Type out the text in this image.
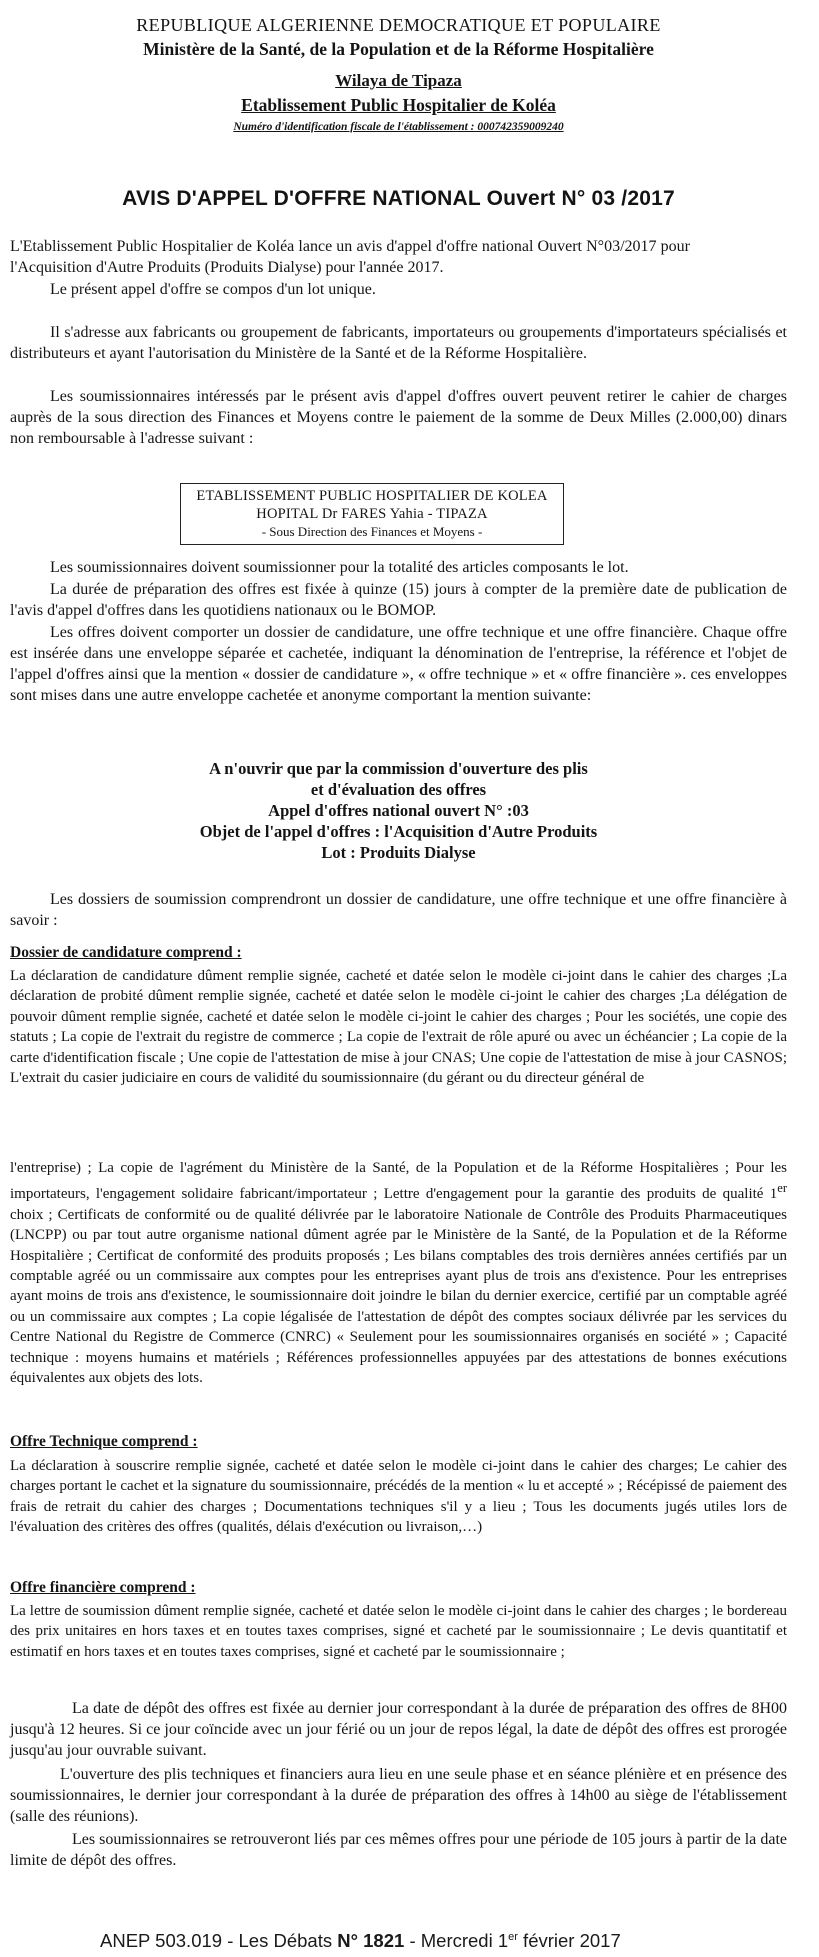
REPUBLIQUE ALGERIENNE DEMOCRATIQUE ET POPULAIRE
Ministère de la Santé, de la Population et de la Réforme Hospitalière
Wilaya de Tipaza
Etablissement Public Hospitalier de Koléa
Numéro d'identification fiscale de l'établissement : 000742359009240
AVIS D'APPEL D'OFFRE NATIONAL Ouvert N° 03 /2017

L'Etablissement Public Hospitalier de Koléa lance un avis d'appel d'offre national Ouvert N°03/2017 pour l'Acquisition d'Autre Produits (Produits Dialyse) pour l'année 2017.

Le présent appel d'offre se compos d'un lot unique.

Il s'adresse aux fabricants ou groupement de fabricants, importateurs ou groupements d'importateurs spécialisés et distributeurs et ayant l'autorisation du Ministère de la Santé et de la Réforme Hospitalière.

Les soumissionnaires intéressés par le présent avis d'appel d'offres ouvert peuvent retirer le cahier de charges auprès de la sous direction des Finances et Moyens contre le paiement de la somme de Deux Milles (2.000,00) dinars non remboursable à l'adresse suivant :

ETABLISSEMENT PUBLIC HOSPITALIER DE KOLEA
HOPITAL Dr FARES Yahia - TIPAZA
- Sous Direction des Finances et Moyens -

Les soumissionnaires doivent soumissionner pour la totalité des articles composants le lot.

La durée de préparation des offres est fixée à quinze (15) jours à compter de la première date de publication de l'avis d'appel d'offres dans les quotidiens nationaux ou le BOMOP.

Les offres doivent comporter un dossier de candidature, une offre technique et une offre financière. Chaque offre est insérée dans une enveloppe séparée et cachetée, indiquant la dénomination de l'entreprise, la référence et l'objet de l'appel d'offres ainsi que la mention « dossier de candidature », « offre technique » et « offre financière ». ces enveloppes sont mises dans une autre enveloppe cachetée et anonyme comportant la mention suivante:

A n'ouvrir que par la commission d'ouverture des plis
et d'évaluation des offres
Appel d'offres national ouvert N° :03
Objet de l'appel d'offres : l'Acquisition d'Autre Produits
Lot : Produits Dialyse

Les dossiers de soumission comprendront un dossier de candidature, une offre technique et une offre financière à savoir :

Dossier de candidature comprend :

La déclaration de candidature dûment remplie signée, cacheté et datée selon le modèle ci-joint dans le cahier des charges ;La déclaration de probité dûment remplie signée, cacheté et datée selon le modèle ci-joint le cahier des charges ;La délégation de pouvoir dûment remplie signée, cacheté et datée selon le modèle ci-joint le cahier des charges ; Pour les sociétés, une copie des statuts ; La copie de l'extrait du registre de commerce ; La copie de l'extrait de rôle apuré ou avec un échéancier ; La copie de la carte d'identification fiscale ; Une copie de l'attestation de mise à jour CNAS; Une copie de l'attestation de mise à jour CASNOS; L'extrait du casier judiciaire en cours de validité du soumissionnaire (du gérant ou du directeur général de

l'entreprise) ; La copie de l'agrément du Ministère de la Santé, de la Population et de la Réforme Hospitalières ; Pour les importateurs, l'engagement solidaire fabricant/importateur ; Lettre d'engagement pour la garantie des produits de qualité 1er choix ; Certificats de conformité ou de qualité délivrée par le laboratoire Nationale de Contrôle des Produits Pharmaceutiques (LNCPP) ou par tout autre organisme national dûment agrée par le Ministère de la Santé, de la Population et de la Réforme Hospitalière ; Certificat de conformité des produits proposés ; Les bilans comptables des trois dernières années certifiés par un comptable agréé ou un commissaire aux comptes pour les entreprises ayant plus de trois ans d'existence. Pour les entreprises ayant moins de trois ans d'existence, le soumissionnaire doit joindre le bilan du dernier exercice, certifié par un comptable agréé ou un commissaire aux comptes ; La copie légalisée de l'attestation de dépôt des comptes sociaux délivrée par les services du Centre National du Registre de Commerce (CNRC) « Seulement pour les soumissionnaires organisés en société » ; Capacité technique : moyens humains et matériels ; Références professionnelles appuyées par des attestations de bonnes exécutions équivalentes aux objets des lots.

Offre Technique comprend :

La déclaration à souscrire remplie signée, cacheté et datée selon le modèle ci-joint dans le cahier des charges; Le cahier des charges portant le cachet et la signature du soumissionnaire, précédés de la mention « lu et accepté » ; Récépissé de paiement des frais de retrait du cahier des charges ; Documentations techniques s'il y a lieu ; Tous les documents jugés utiles lors de l'évaluation des critères des offres (qualités, délais d'exécution ou livraison,…)

Offre financière comprend :

La lettre de soumission dûment remplie signée, cacheté et datée selon le modèle ci-joint dans le cahier des charges ; le bordereau des prix unitaires en hors taxes et en toutes taxes comprises, signé et cacheté par le soumissionnaire ; Le devis quantitatif et estimatif en hors taxes et en toutes taxes comprises, signé et cacheté par le soumissionnaire ;

La date de dépôt des offres est fixée au dernier jour correspondant à la durée de préparation des offres de 8H00 jusqu'à 12 heures. Si ce jour coïncide avec un jour férié ou un jour de repos légal, la date de dépôt des offres est prorogée jusqu'au jour ouvrable suivant.

L'ouverture des plis techniques et financiers aura lieu en une seule phase et en séance plénière et en présence des soumissionnaires, le dernier jour correspondant à la durée de préparation des offres à 14h00 au siège de l'établissement (salle des réunions).

Les soumissionnaires se retrouveront liés par ces mêmes offres pour une période de 105 jours à partir de la date limite de dépôt des offres.

ANEP 503.019 - Les Débats N° 1821 - Mercredi 1er février 2017
